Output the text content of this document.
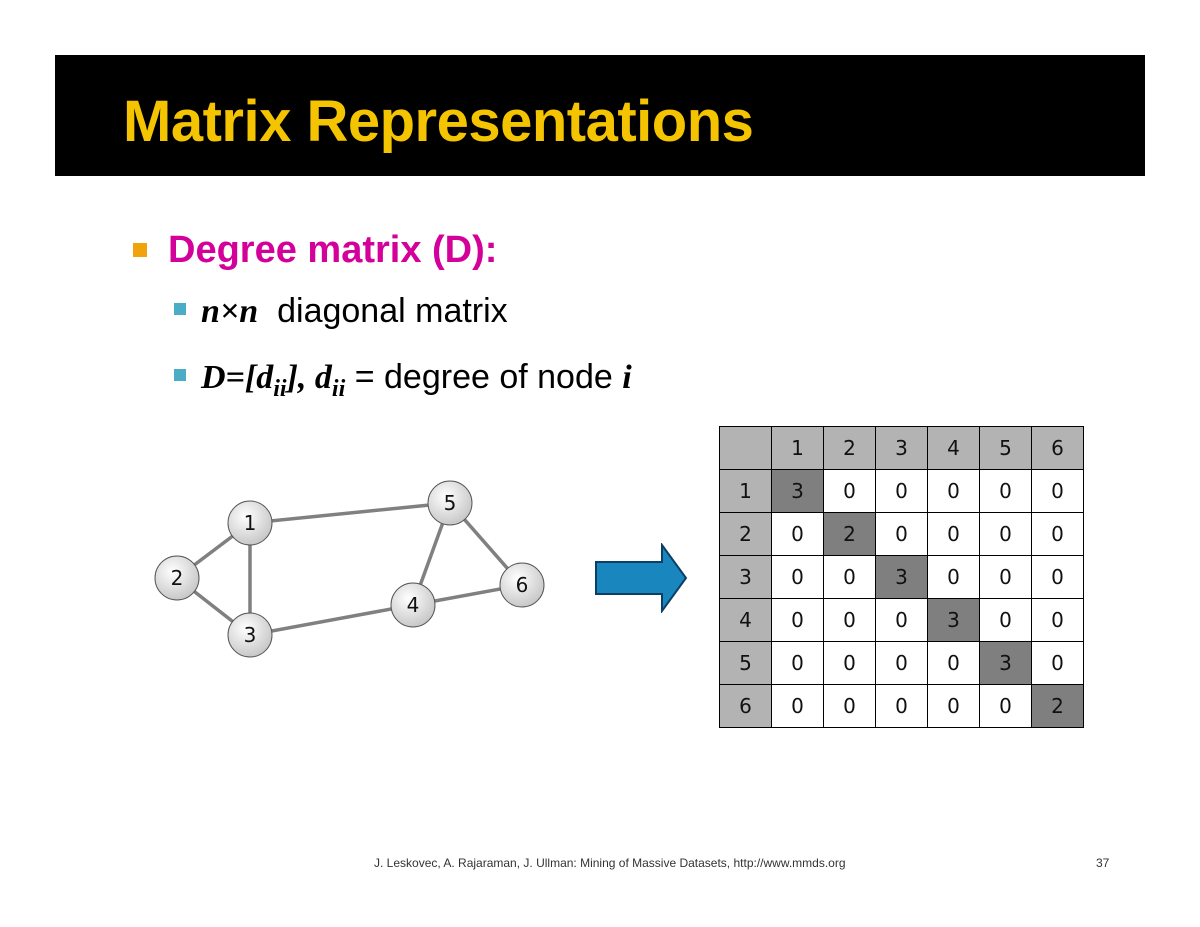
Matrix Representations
Degree matrix (D):
n×n diagonal matrix
$D=[d_{ii}]$, $d_{ii}$ = degree of node i
1
2
3
4
5
6
	1	2	3	4	5	6
1	3	0	0	0	0	0
2	0	2	0	0	0	0
3	0	0	3	0	0	0
4	0	0	0	3	0	0
5	0	0	0	0	3	0
6	0	0	0	0	0	2
J. Leskovec, A. Rajaraman, J. Ullman: Mining of Massive Datasets, http://www.mmds.org	37
